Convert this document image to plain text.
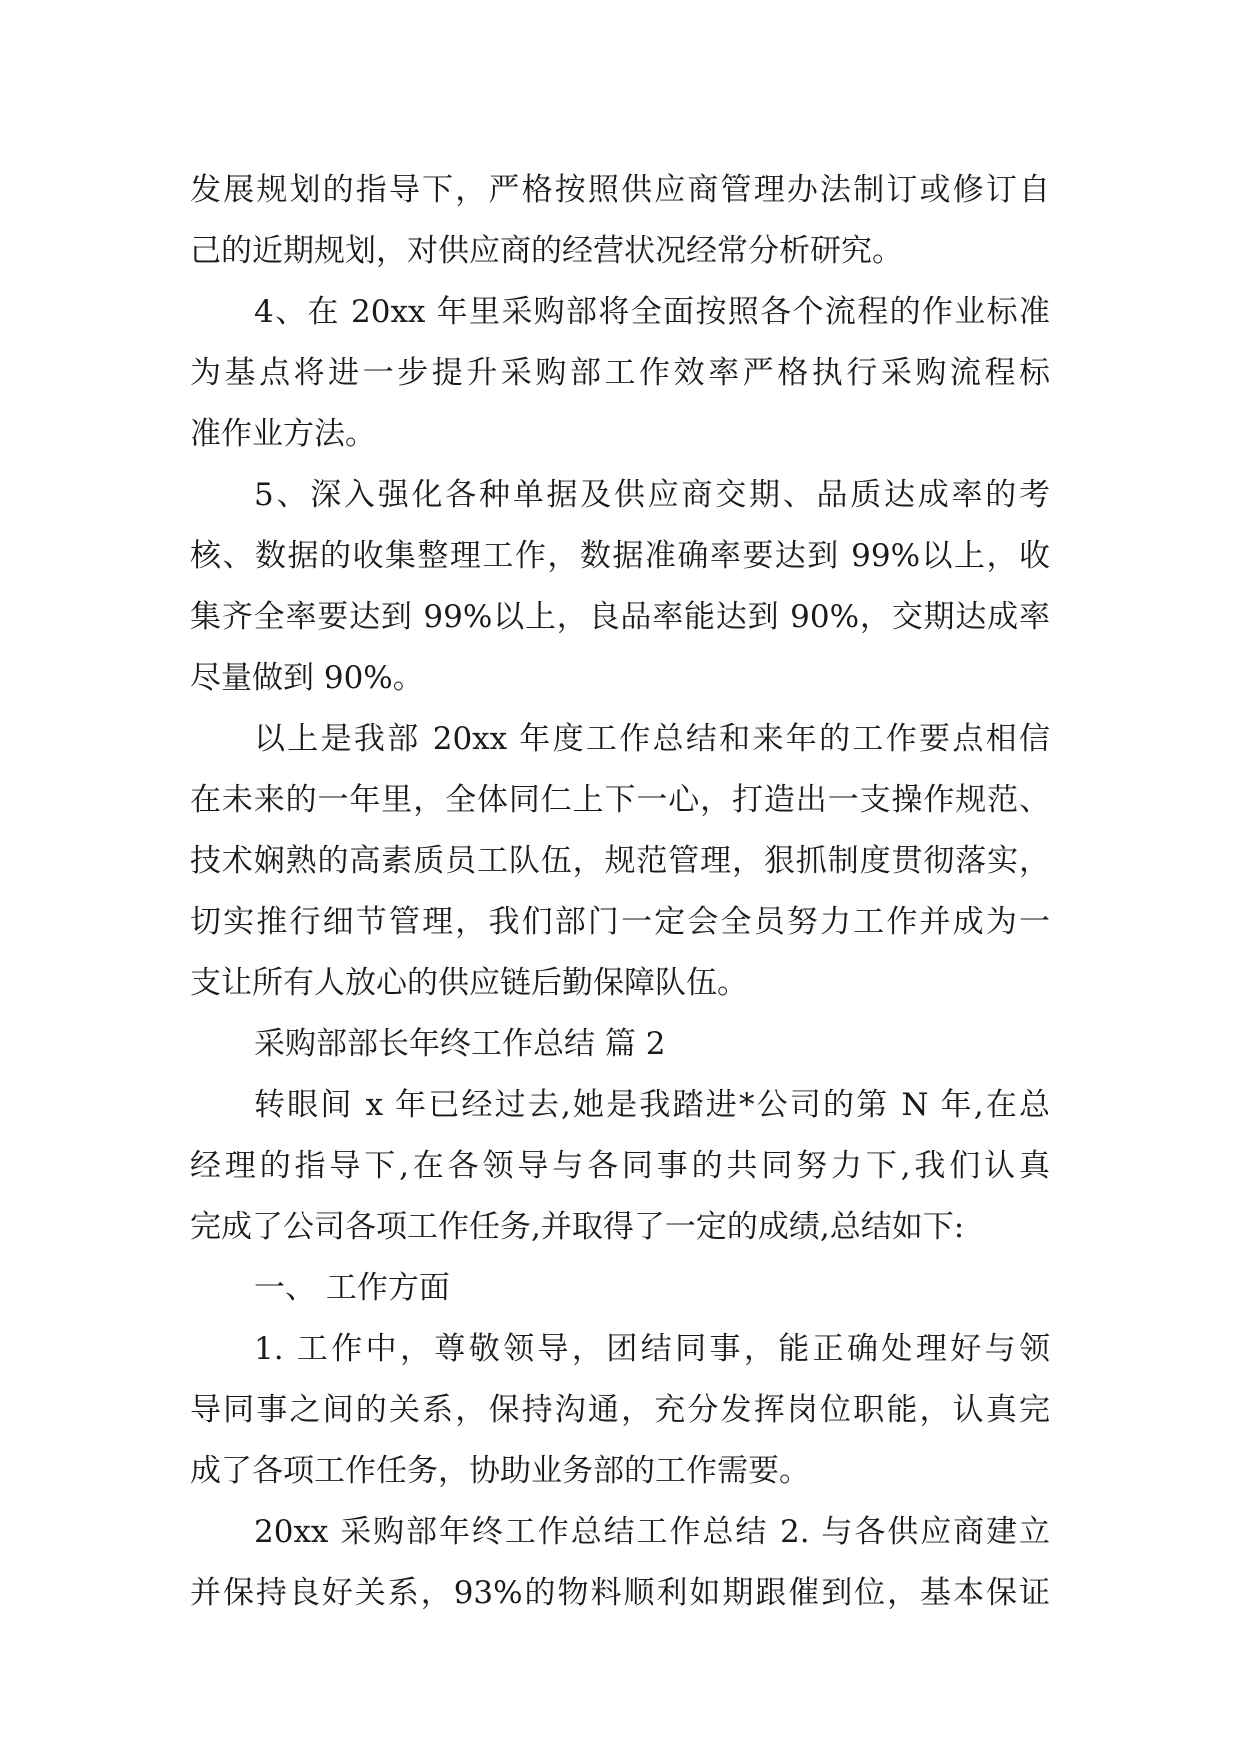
发展规划的指导下，严格按照供应商管理办法制订或修订自
己的近期规划，对供应商的经营状况经常分析研究。
4、在 20xx 年里采购部将全面按照各个流程的作业标准
为基点将进一步提升采购部工作效率严格执行采购流程标
准作业方法。
5、深入强化各种单据及供应商交期、品质达成率的考
核、数据的收集整理工作，数据准确率要达到 99%以上，收
集齐全率要达到 99%以上，良品率能达到 90%，交期达成率
尽量做到 90%。
以上是我部 20xx 年度工作总结和来年的工作要点相信
在未来的一年里，全体同仁上下一心，打造出一支操作规范、
技术娴熟的高素质员工队伍，规范管理，狠抓制度贯彻落实，
切实推行细节管理，我们部门一定会全员努力工作并成为一
支让所有人放心的供应链后勤保障队伍。
采购部部长年终工作总结 篇 2
转眼间 x 年已经过去,她是我踏进*公司的第 N 年,在总
经理的指导下,在各领导与各同事的共同努力下,我们认真
完成了公司各项工作任务,并取得了一定的成绩,总结如下:
一、 工作方面
1. 工作中，尊敬领导，团结同事，能正确处理好与领
导同事之间的关系，保持沟通，充分发挥岗位职能，认真完
成了各项工作任务，协助业务部的工作需要。
20xx 采购部年终工作总结工作总结 2. 与各供应商建立
并保持良好关系，93%的物料顺利如期跟催到位，基本保证
